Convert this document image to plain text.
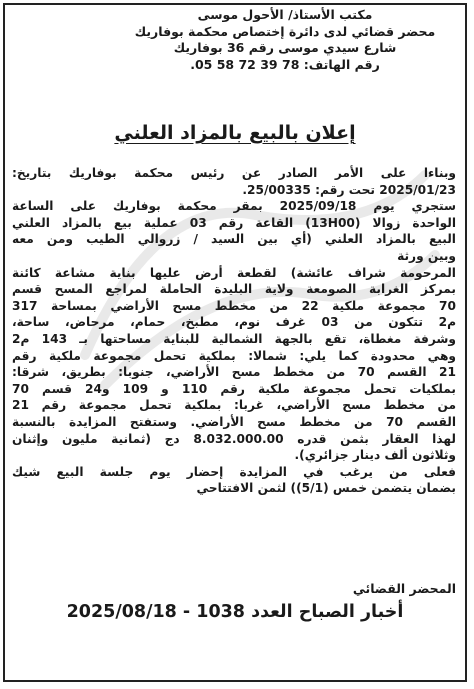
مكتب الأستاذ/ الأحول موسى
محضر قضائي لدى دائرة إختصاص محكمة بوفاريك
شارع سيدي موسى رقم 36 بوفاريك
رقم الهاتف: 78 39 72 58 05.
إعلان بالبيع بالمزاد العلني
وبناءا على الأمر الصادر عن رئيس محكمة بوفاريك بتاريخ:
2025/01/23 تحت رقم: 25/00335.
ستجري يوم 2025/09/18 بمقر محكمة بوفاريك على الساعة
الواحدة زوالا (13H00) القاعة رقم 03 عملية بيع بالمزاد العلني
البيع بالمزاد العلني (أي بين السيد / زروالي الطيب ومن معه
وبين ورثة
المرحومة شراف عائشة) لقطعة أرض عليها بناية مشاعة كائنة
بمركز الغرابة الصومعة ولاية البليدة الحاملة لمراجع المسح قسم
70 مجموعة ملكية 22 من مخطط مسح الأراضي بمساحة 317
م2 تتكون من 03 غرف نوم، مطبخ، حمام، مرحاض، ساحة،
وشرفة مغطاة، تقع بالجهة الشمالية للبناية مساحتها بـ 143 م2
وهي محدودة كما يلي: شمالا: بملكية تحمل مجموعة ملكية رقم
21 القسم 70 من مخطط مسح الأراضي، جنوبا: بطريق، شرقا:
بملكيات تحمل مجموعة ملكية رقم 110 و 109 و24 قسم 70
من مخطط مسح الأراضي، غربا: بملكية تحمل مجموعة رقم 21
القسم 70 من مخطط مسح الأراضي. وستفتح المزايدة بالنسبة
لهذا العقار بثمن قدره 8.032.000.00 دج (ثمانية مليون وإثنان
وثلاثون ألف دينار جزائري).
فعلى من يرغب في المزايدة إحضار يوم جلسة البيع شيك
بضمان يتضمن خمس (5/1)) لثمن الافتتاحي
المحضر القضائي
أخبار الصباح العدد 1038 - 2025/08/18
